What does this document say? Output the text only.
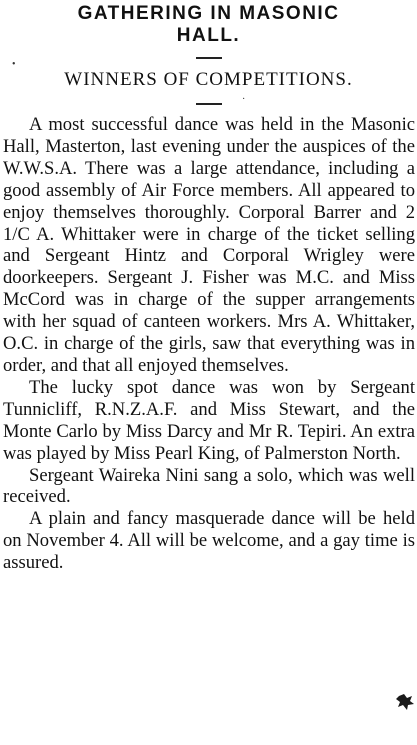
GATHERING IN MASONIC
HALL.
WINNERS OF COMPETITIONS.

A most successful dance was held in the Masonic Hall, Masterton, last evening under the auspices of the W.W.S.A. There was a large attendance, including a good assembly of Air Force members. All appeared to enjoy themselves thoroughly. Corporal Barrer and 2 1/C A. Whittaker were in charge of the ticket selling and Sergeant Hintz and Corporal Wrigley were doorkeepers. Sergeant J. Fisher was M.C. and Miss McCord was in charge of the supper arrangements with her squad of canteen workers. Mrs A. Whittaker, O.C. in charge of the girls, saw that everything was in order, and that all enjoyed themselves.

The lucky spot dance was won by Sergeant Tunnicliff, R.N.Z.A.F. and Miss Stewart, and the Monte Carlo by Miss Darcy and Mr R. Tepiri. An extra was played by Miss Pearl King, of Palmerston North.

Sergeant Waireka Nini sang a solo, which was well received.

A plain and fancy masquerade dance will be held on November 4. All will be welcome, and a gay time is assured.

•
·
